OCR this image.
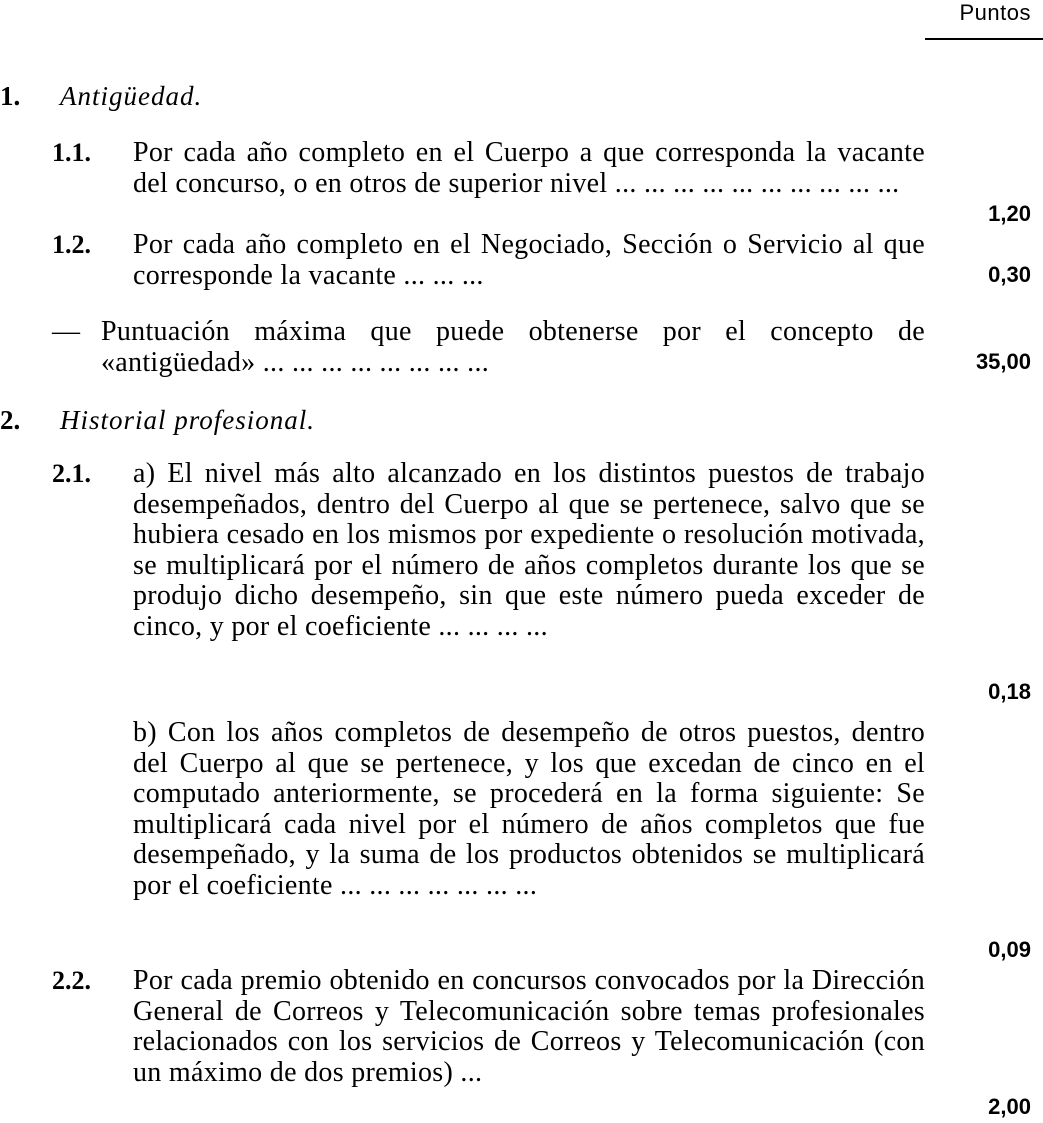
Puntos
1. Antigüedad.
1.1. Por cada año completo en el Cuerpo a que corresponda la vacante del concurso, o en otros de superior nivel ... ... ... ... ... ... ... ... ... ...
1,20
1.2. Por cada año completo en el Negociado, Sección o Servicio al que corresponde la vacante ... ... ...	0,30
— Puntuación máxima que puede obtenerse por el concepto de «antigüedad» ... ... ... ... ... ... ... ...	35,00
2. Historial profesional.
2.1. a) El nivel más alto alcanzado en los distintos puestos de trabajo desempeñados, dentro del Cuerpo al que se pertenece, salvo que se hubiera cesado en los mismos por expediente o resolución motivada, se multiplicará por el número de años completos durante los que se produjo dicho desempeño, sin que este número pueda exceder de cinco, y por el coeficiente ... ... ... ...
0,18
b) Con los años completos de desempeño de otros puestos, dentro del Cuerpo al que se pertenece, y los que excedan de cinco en el computado anteriormente, se procederá en la forma siguiente: Se multiplicará cada nivel por el número de años completos que fue desempeñado, y la suma de los productos obtenidos se multiplicará por el coeficiente ... ... ... ... ... ... ...
0,09
2.2. Por cada premio obtenido en concursos convocados por la Dirección General de Correos y Telecomunicación sobre temas profesionales relacionados con los servicios de Correos y Telecomunicación (con un máximo de dos premios) ...
2,00
